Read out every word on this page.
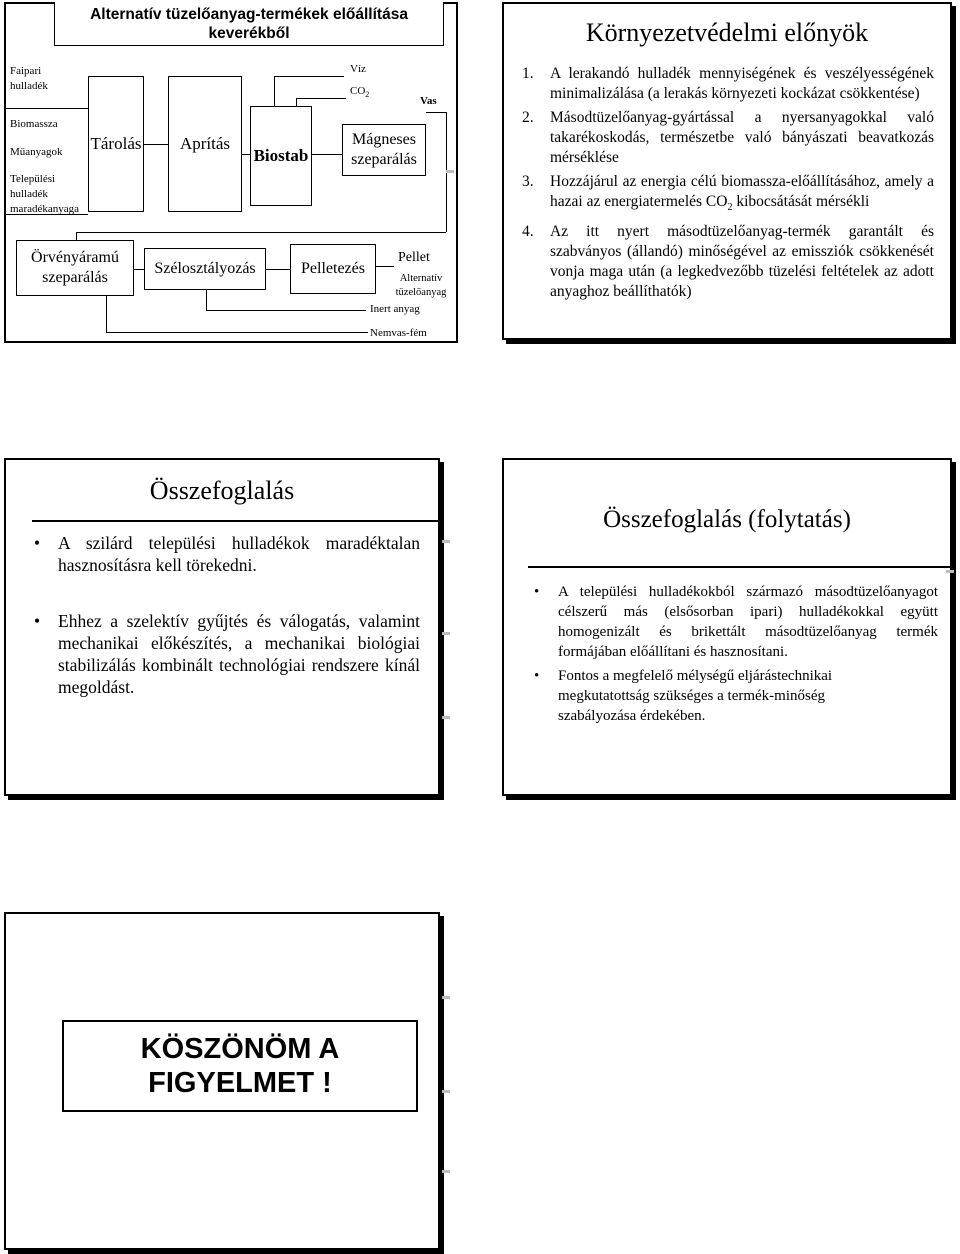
Alternatív tüzelőanyag-termékek előállítása keverékből
Faipari hulladék
Biomassza
Műanyagok
Települési hulladék maradékanyaga
Tárolás Aprítás
Biostab
Mágneses szeparálás
Víz
$CO_2$
Vas
Örvényáramú szeparálás
Szélosztályozás	Pelletezés
Pellet
Alternatív tüzelőanyag
Inert anyag
Nemvas-fém
Környezetvédelmi előnyök
1.	A lerakandó hulladék mennyiségének és veszélyességének minimalizálása (a lerakás környezeti kockázat csökkentése)
2.	Másodtüzelőanyag-gyártással a nyersanyagokkal való takarékoskodás, természetbe való bányászati beavatkozás mérséklése
3.	Hozzájárul az energia célú biomassza-előállításához, amely a hazai az energiatermelés $CO_2$ kibocsátását mérsékli
4.	Az itt nyert másodtüzelőanyag-termék garantált és szabványos (állandó) minőségével az emissziók csökkenését vonja maga után (a legkedvezőbb tüzelési feltételek az adott anyaghoz beállíthatók)
Összefoglalás
•	A szilárd települési hulladékok maradéktalan hasznosításra kell törekedni.
•	Ehhez a szelektív gyűjtés és válogatás, valamint mechanikai előkészítés, a mechanikai biológiai stabilizálás kombinált technológiai rendszere kínál megoldást.
Összefoglalás (folytatás)
•	A települési hulladékokból származó másodtüzelőanyagot célszerű más (elsősorban ipari) hulladékokkal együtt homogenizált és brikettált másodtüzelőanyag termék formájában előállítani és hasznosítani.
•	Fontos a megfelelő mélységű eljárástechnikai megkutatottság szükséges a termék-minőség szabályozása érdekében.
KÖSZÖNÖM A
FIGYELMET !
